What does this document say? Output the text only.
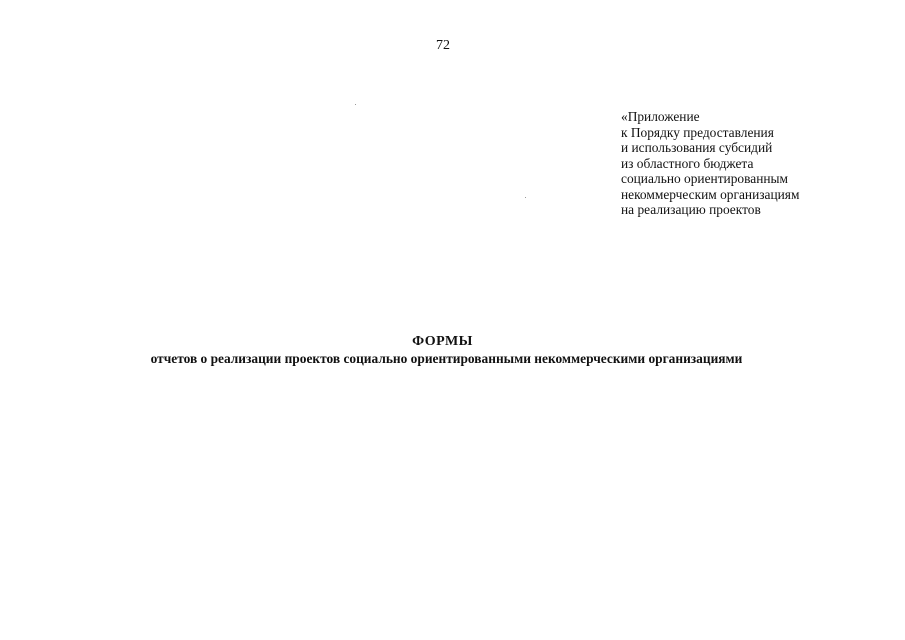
72
«Приложение
к Порядку предоставления
и использования субсидий
из областного бюджета
социально ориентированным
некоммерческим организациям
на реализацию проектов
ФОРМЫ
отчетов о реализации проектов социально ориентированными некоммерческими организациями
